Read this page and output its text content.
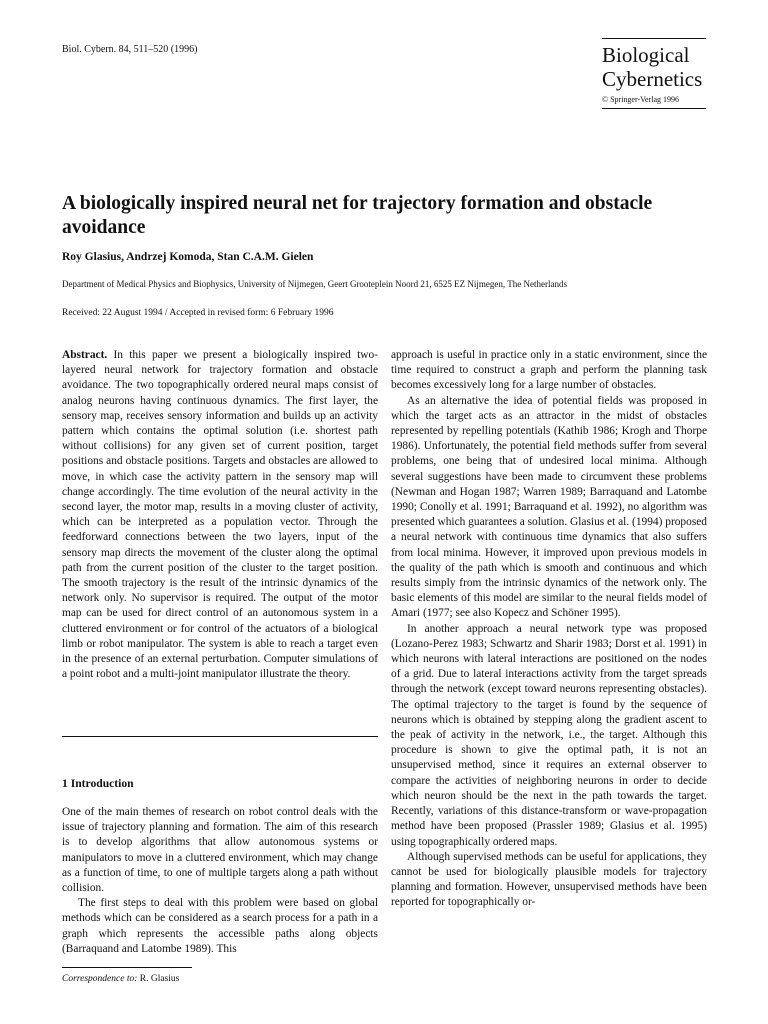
Biol. Cybern. 84, 511–520 (1996)	Biological
Cybernetics
© Springer-Verlag 1996
A biologically inspired neural net for trajectory formation and obstacle avoidance
Roy Glasius, Andrzej Komoda, Stan C.A.M. Gielen
Department of Medical Physics and Biophysics, University of Nijmegen, Geert Grooteplein Noord 21, 6525 EZ Nijmegen, The Netherlands
Received: 22 August 1994 / Accepted in revised form: 6 February 1996

Abstract. In this paper we present a biologically inspired two-layered neural network for trajectory formation and obstacle avoidance. The two topographically ordered neural maps consist of analog neurons having continuous dynamics. The first layer, the sensory map, receives sensory information and builds up an activity pattern which contains the optimal solution (i.e. shortest path without collisions) for any given set of current position, target positions and obstacle positions. Targets and obstacles are allowed to move, in which case the activity pattern in the sensory map will change accordingly. The time evolution of the neural activity in the second layer, the motor map, results in a moving cluster of activity, which can be interpreted as a population vector. Through the feedforward connections between the two layers, input of the sensory map directs the movement of the cluster along the optimal path from the current position of the cluster to the target position. The smooth trajectory is the result of the intrinsic dynamics of the network only. No supervisor is required. The output of the motor map can be used for direct control of an autonomous system in a cluttered environment or for control of the actuators of a biological limb or robot manipulator. The system is able to reach a target even in the presence of an external perturbation. Computer simulations of a point robot and a multi-joint manipulator illustrate the theory.

1 Introduction

One of the main themes of research on robot control deals with the issue of trajectory planning and formation. The aim of this research is to develop algorithms that allow autonomous systems or manipulators to move in a cluttered environment, which may change as a function of time, to one of multiple targets along a path without collision.

The first steps to deal with this problem were based on global methods which can be considered as a search process for a path in a graph which represents the accessible paths along objects (Barraquand and Latombe 1989). This

approach is useful in practice only in a static environment, since the time required to construct a graph and perform the planning task becomes excessively long for a large number of obstacles.

As an alternative the idea of potential fields was proposed in which the target acts as an attractor in the midst of obstacles represented by repelling potentials (Kathib 1986; Krogh and Thorpe 1986). Unfortunately, the potential field methods suffer from several problems, one being that of undesired local minima. Although several suggestions have been made to circumvent these problems (Newman and Hogan 1987; Warren 1989; Barraquand and Latombe 1990; Conolly et al. 1991; Barraquand et al. 1992), no algorithm was presented which guarantees a solution. Glasius et al. (1994) proposed a neural network with continuous time dynamics that also suffers from local minima. However, it improved upon previous models in the quality of the path which is smooth and continuous and which results simply from the intrinsic dynamics of the network only. The basic elements of this model are similar to the neural fields model of Amari (1977; see also Kopecz and Schöner 1995).

In another approach a neural network type was proposed (Lozano-Perez 1983; Schwartz and Sharir 1983; Dorst et al. 1991) in which neurons with lateral interactions are positioned on the nodes of a grid. Due to lateral interactions activity from the target spreads through the network (except toward neurons representing obstacles). The optimal trajectory to the target is found by the sequence of neurons which is obtained by stepping along the gradient ascent to the peak of activity in the network, i.e., the target. Although this procedure is shown to give the optimal path, it is not an unsupervised method, since it requires an external observer to compare the activities of neighboring neurons in order to decide which neuron should be the next in the path towards the target. Recently, variations of this distance-transform or wave-propagation method have been proposed (Prassler 1989; Glasius et al. 1995) using topographically ordered maps.

Although supervised methods can be useful for applications, they cannot be used for biologically plausible models for trajectory planning and formation. However, unsupervised methods have been reported for topographically or-

Correspondence to: R. Glasius
